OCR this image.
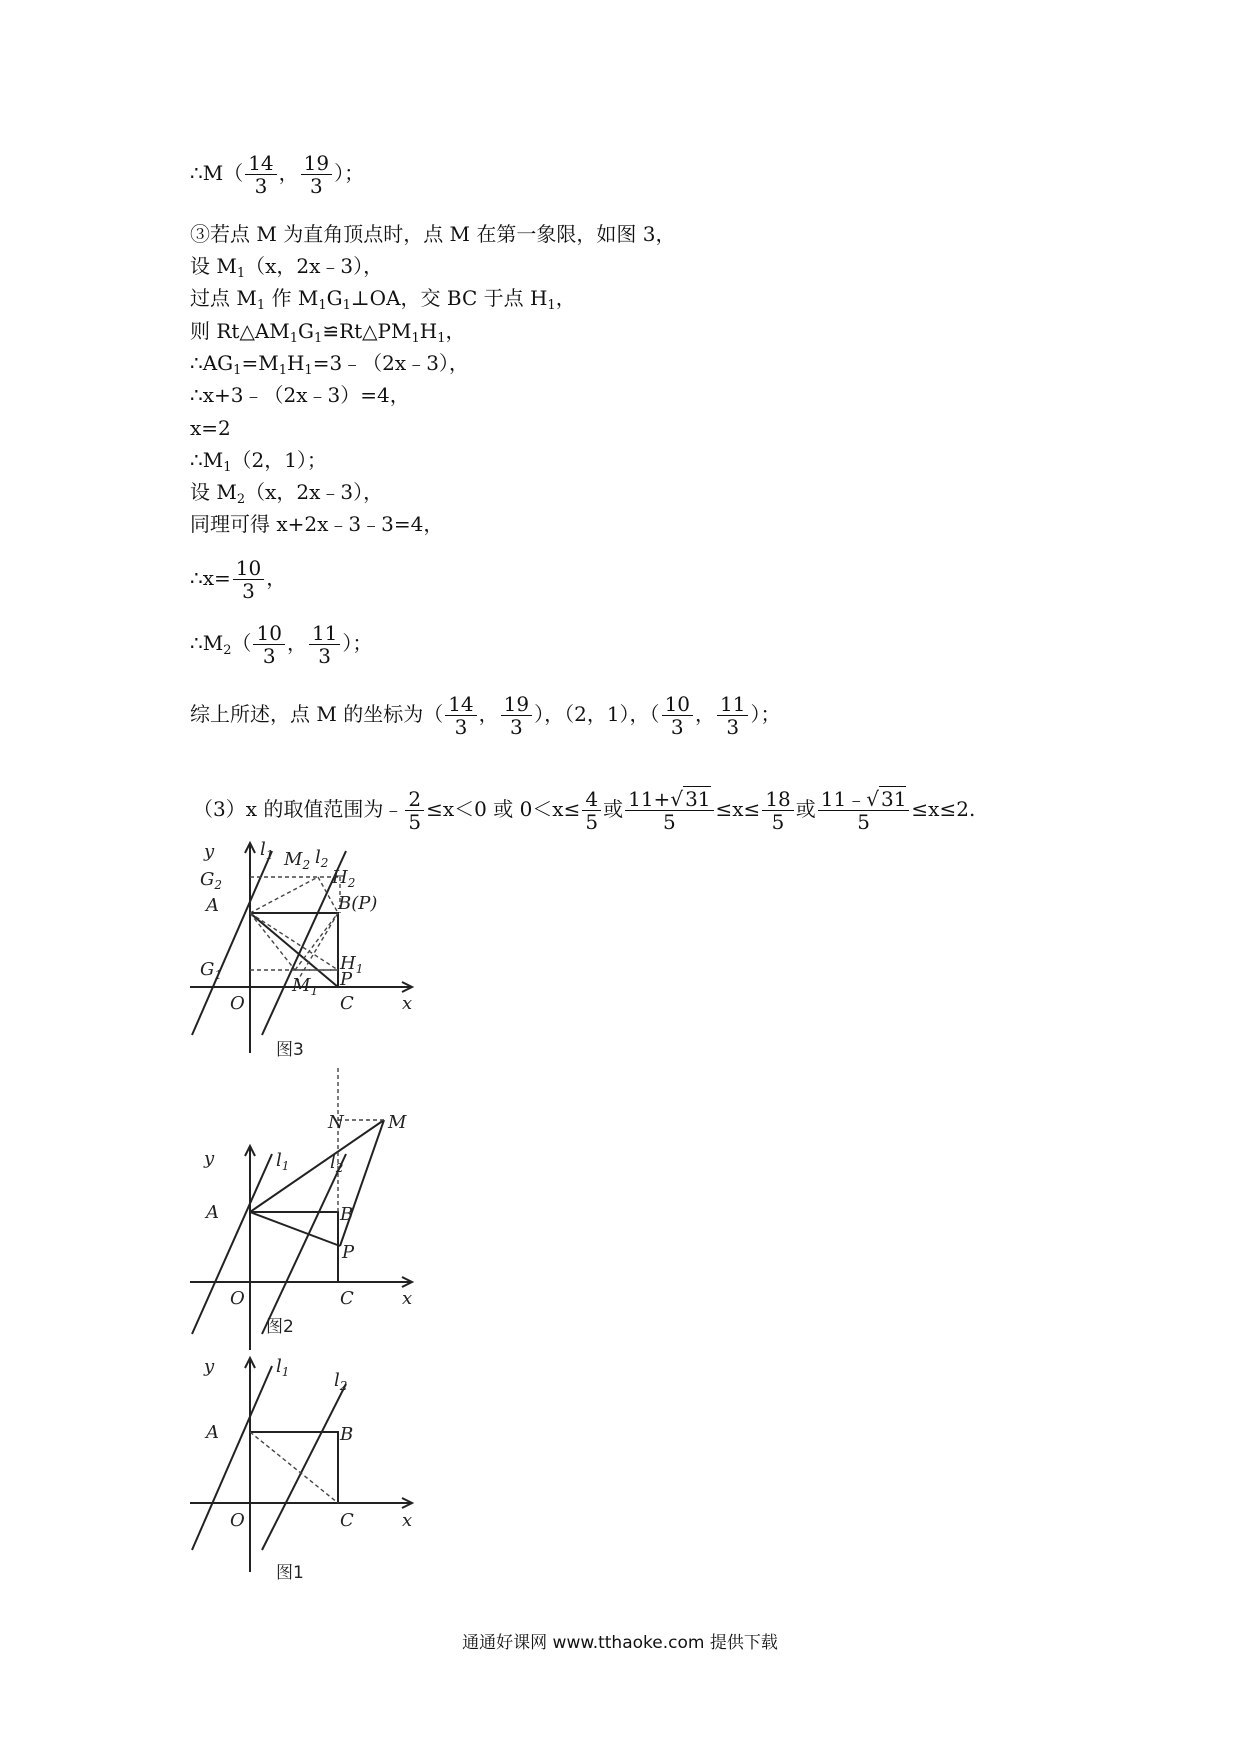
∴M（ $\frac{14}{3}$ ， $\frac{19}{3}$ ）；
③若点 M 为直角顶点时，点 M 在第一象限，如图 3，
设 $M_1(x$，2x﹣3），
过点 $M_1$ 作 $M_1G_1\perp OA$，交 BC 于点 $H_1$，
则 $Rt\triangle AM_1G_1≌Rt\triangle PM_1H_1$，
$\therefore AG_1=M_1H_1=3﹣(2x﹣3)$，
∴x+3﹣（2x﹣3）=4，
x=2
$\therefore M_1(2$，1）；
设 $M_2(x$，2x﹣3），
同理可得 x+2x﹣3﹣3=4，
∴x= $\frac{10}{3}$ ，
$\therefore M_2( \frac{10}{3}$ ， $\frac{11}{3}$ ）；
综上所述，点 M 的坐标为（ $\frac{14}{3}$ ， $\frac{19}{3}$ ），（2，1），（ $\frac{10}{3}$ ， $\frac{11}{3}$ ）；
（3）x 的取值范围为﹣ $\frac{2}{5} \le x<0$ 或 $0<x\le \frac{4}{5}$ 或 $\frac{11+ √ 31}{5} \le x\le \frac{18}{5}$ 或 $\frac{11﹣ √ 31}{5} \le x\le 2$.
y	$l_1$ $M_2$ $l_2$
$H_2$
$G_2$
A	B(P)
$H_1$
$G_1$	P
$M_1$
O	C	x
图3
N M
y	$l_1$ $l_2$
A	B
P
O	C	x
图2
y	$l_1$ $l_2$
A	B
O	C	x
图1
通通好课网 www.tthaoke.com 提供下载
